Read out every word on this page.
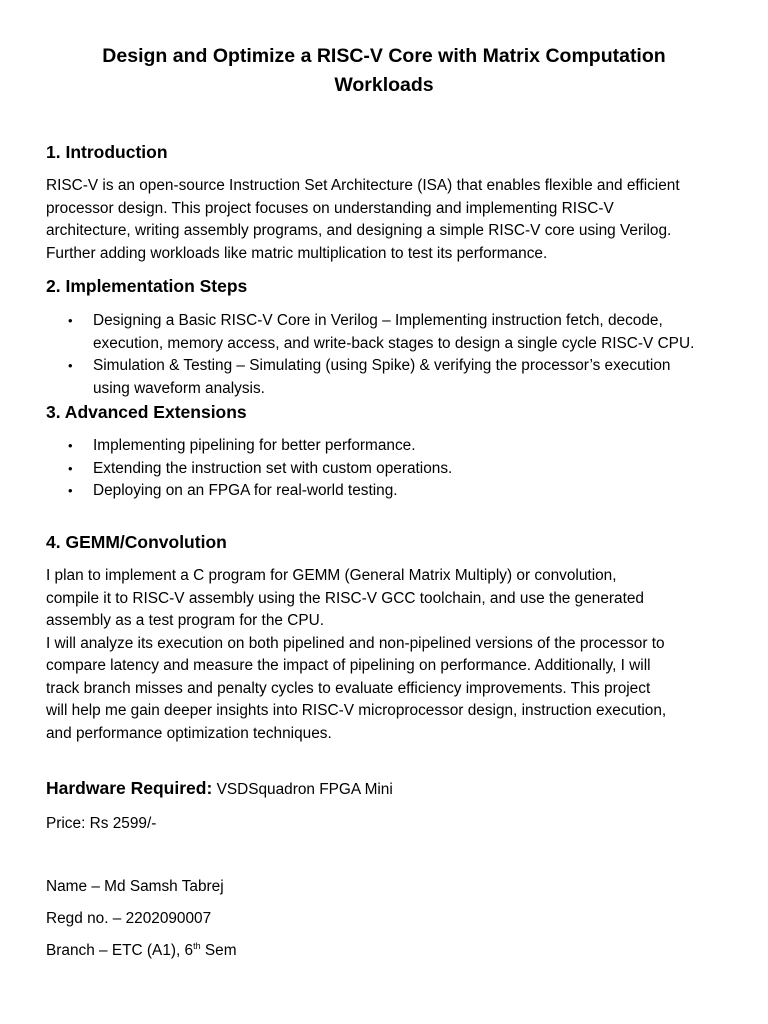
Design and Optimize a RISC-V Core with Matrix Computation
Workloads
1. Introduction
RISC-V is an open-source Instruction Set Architecture (ISA) that enables flexible and efficient
processor design. This project focuses on understanding and implementing RISC-V
architecture, writing assembly programs, and designing a simple RISC-V core using Verilog.
Further adding workloads like matric multiplication to test its performance.
2. Implementation Steps
• Designing a Basic RISC-V Core in Verilog – Implementing instruction fetch, decode,
execution, memory access, and write-back stages to design a single cycle RISC-V CPU.
• Simulation & Testing – Simulating (using Spike) & verifying the processor’s execution
using waveform analysis.
3. Advanced Extensions
• Implementing pipelining for better performance.
• Extending the instruction set with custom operations.
• Deploying on an FPGA for real-world testing.
4. GEMM/Convolution
I plan to implement a C program for GEMM (General Matrix Multiply) or convolution,
compile it to RISC-V assembly using the RISC-V GCC toolchain, and use the generated
assembly as a test program for the CPU.
I will analyze its execution on both pipelined and non-pipelined versions of the processor to
compare latency and measure the impact of pipelining on performance. Additionally, I will
track branch misses and penalty cycles to evaluate efficiency improvements. This project
will help me gain deeper insights into RISC-V microprocessor design, instruction execution,
and performance optimization techniques.
Hardware Required: VSDSquadron FPGA Mini
Price: Rs 2599/-
Name – Md Samsh Tabrej
Regd no. – 2202090007
Branch – ETC (A1), 6th Sem
